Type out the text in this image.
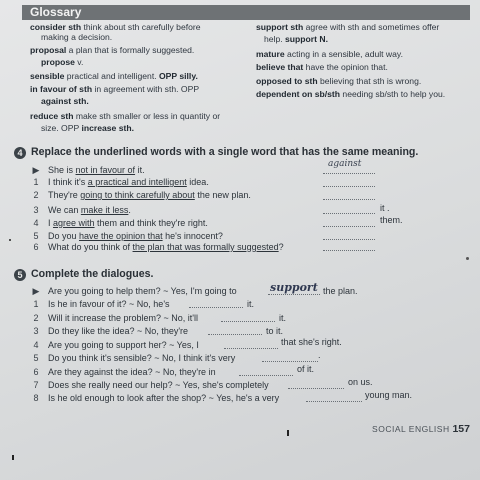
Glossary
consider sth think about sth carefully before
making a decision.
proposal a plan that is formally suggested.
propose v.
sensible practical and intelligent. OPP silly.
in favour of sth in agreement with sth. OPP
against sth.
reduce sth make sth smaller or less in quantity or
size. OPP increase sth.
support sth agree with sth and sometimes offer
help. support N.
mature acting in a sensible, adult way.
believe that have the opinion that.
opposed to sth believing that sth is wrong.
dependent on sb/sth needing sb/sth to help you.
4 Replace the underlined words with a single word that has the same meaning.
▶ She is not in favour of it.
against
1 I think it's a practical and intelligent idea.
2 They're going to think carefully about the new plan.
3 We can make it less.	it .
4 I agree with them and think they're right.	them.
5 Do you have the opinion that he's innocent?
6 What do you think of the plan that was formally suggested?
5 Complete the dialogues.
▶ Are you going to help them? ~ Yes, I'm going to	support the plan.
1 Is he in favour of it? ~ No, he's	it.
2 Will it increase the problem? ~ No, it'll	it.
3 Do they like the idea? ~ No, they're	to it.
4 Are you going to support her? ~ Yes, I	that she's right.
5 Do you think it's sensible? ~ No, I think it's very	.
6 Are they against the idea? ~ No, they're in	of it.
7 Does she really need our help? ~ Yes, she's completely	on us.
8 Is he old enough to look after the shop? ~ Yes, he's a very	young man.
SOCIAL ENGLISH 157
